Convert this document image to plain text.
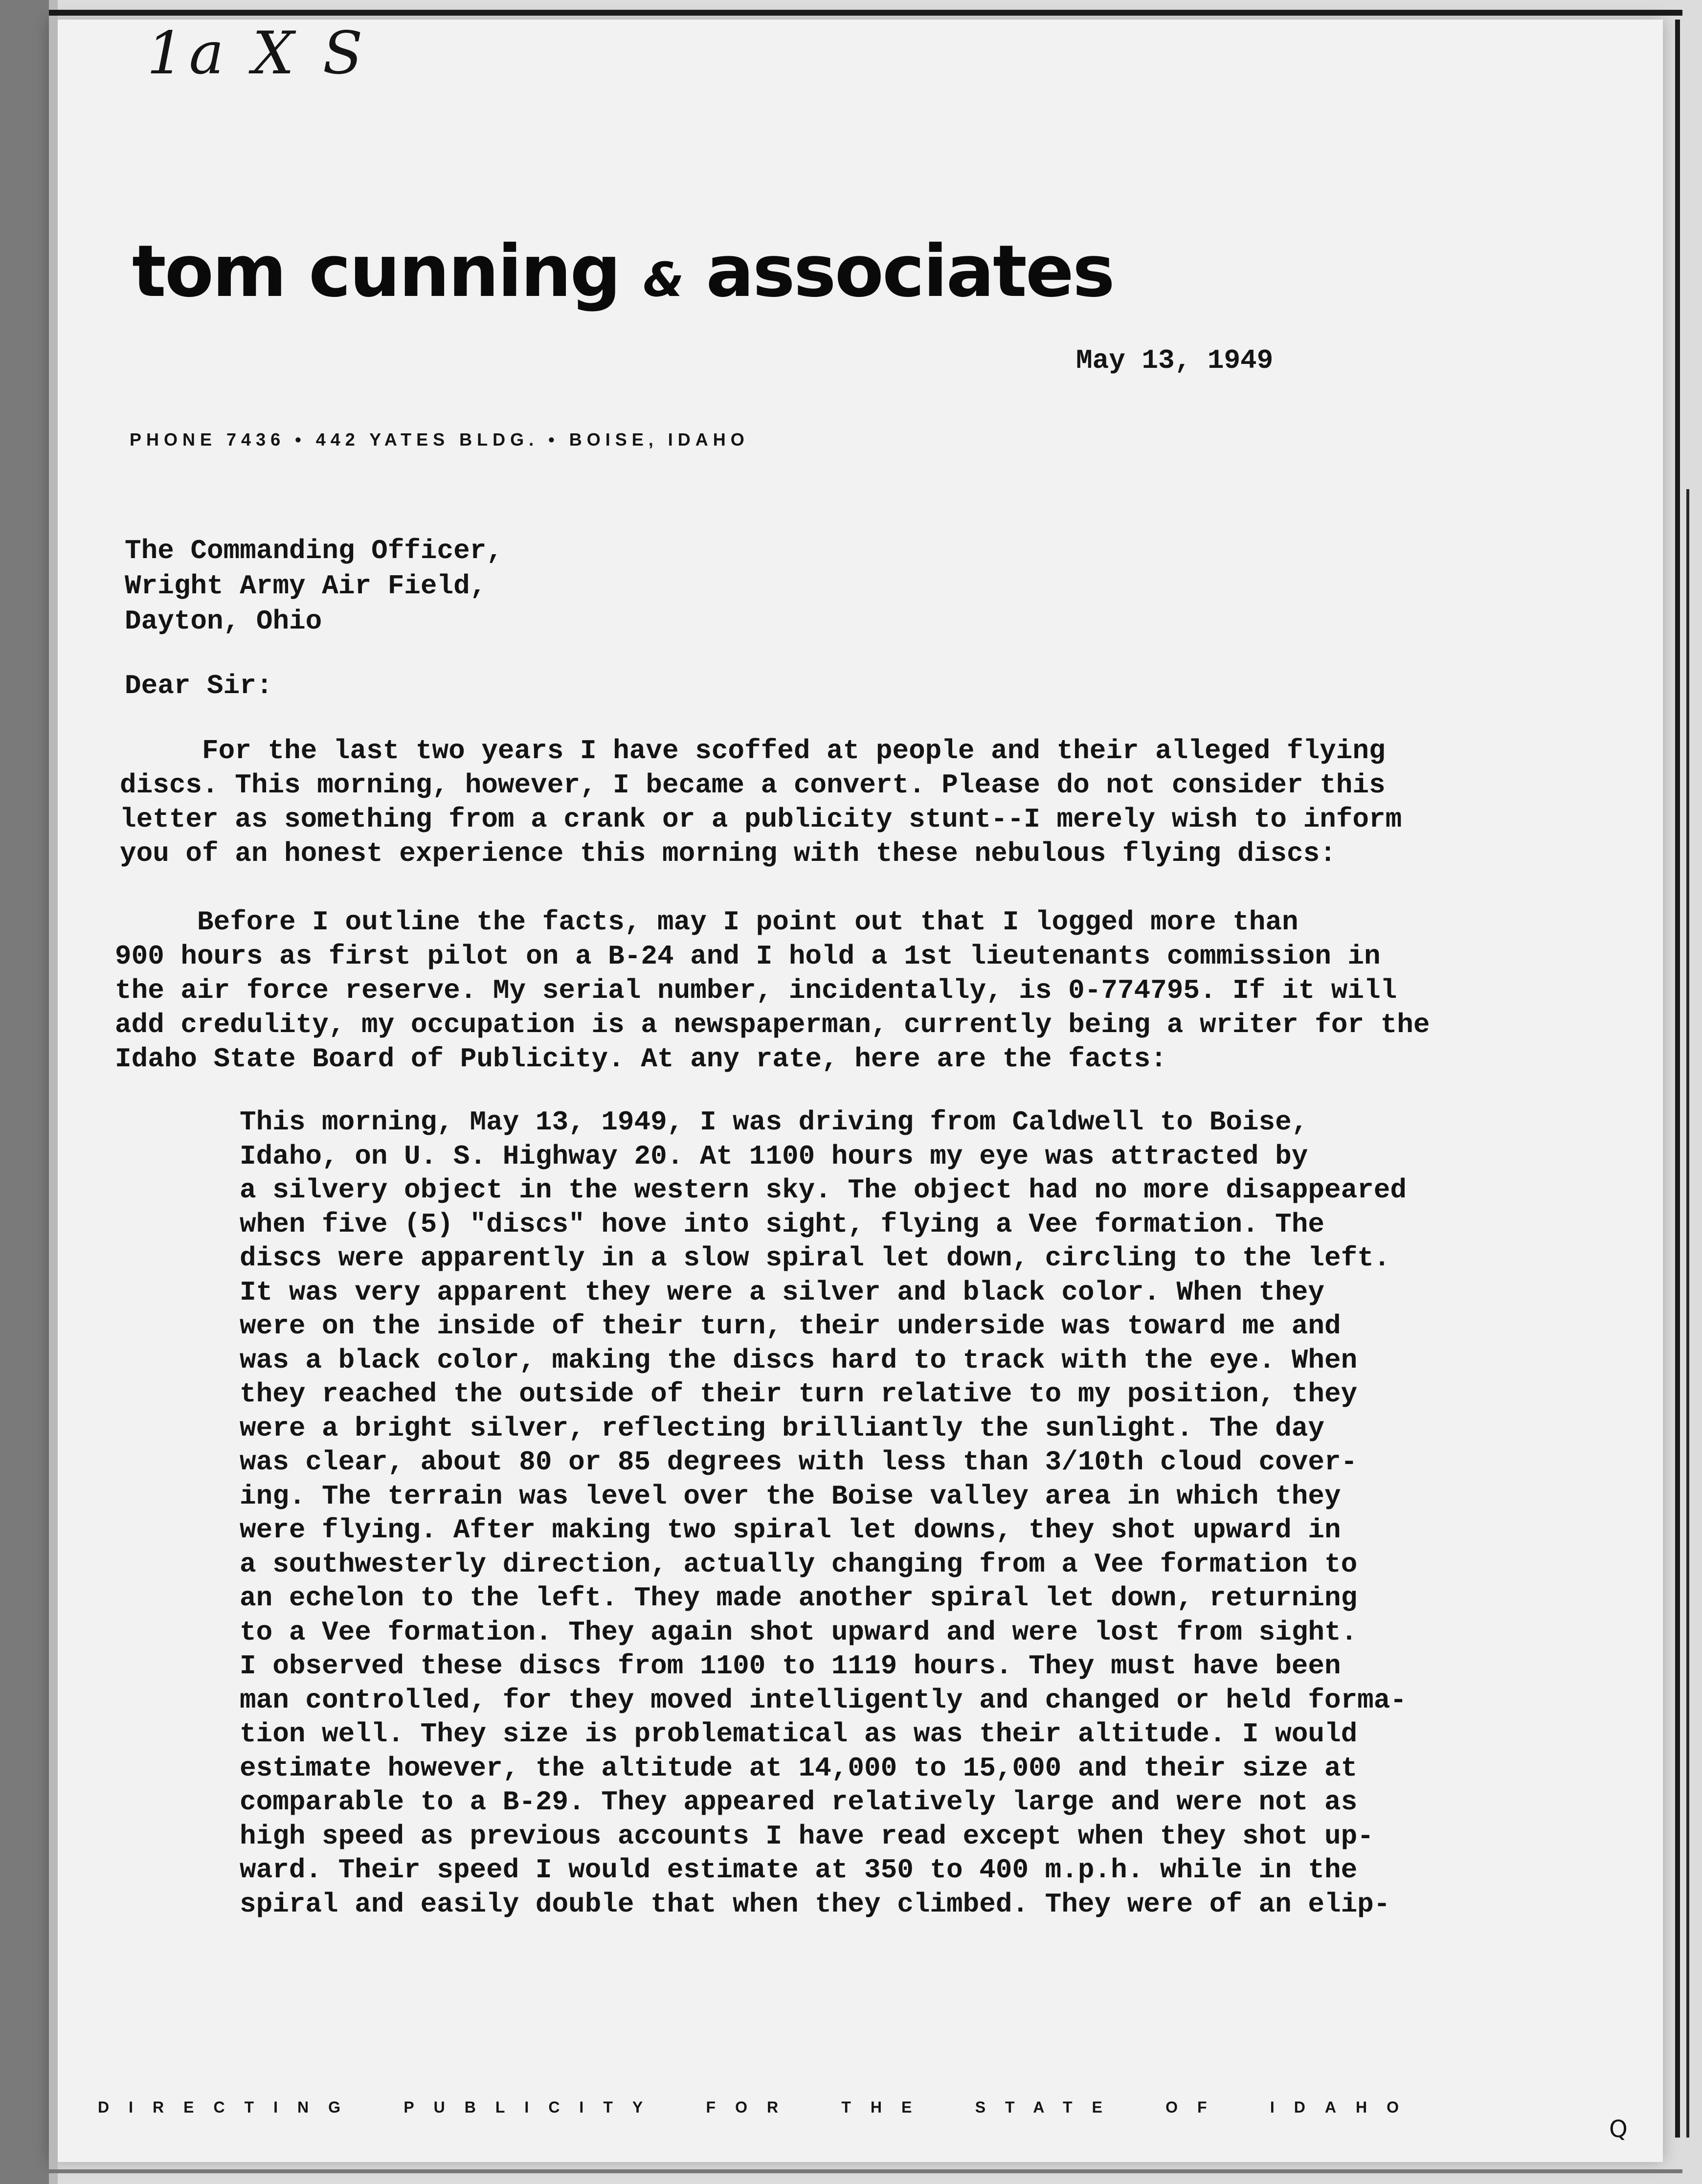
1a X S
tom cunning & associates
May 13, 1949
PHONE 7436 • 442 YATES BLDG. • BOISE, IDAHO
The Commanding Officer,
Wright Army Air Field,
Dayton, Ohio
Dear Sir:
For the last two years I have scoffed at people and their alleged flying
discs. This morning, however, I became a convert. Please do not consider this
letter as something from a crank or a publicity stunt--I merely wish to inform
you of an honest experience this morning with these nebulous flying discs:
Before I outline the facts, may I point out that I logged more than
900 hours as first pilot on a B-24 and I hold a 1st lieutenants commission in
the air force reserve. My serial number, incidentally, is 0-774795. If it will
add credulity, my occupation is a newspaperman, currently being a writer for the
Idaho State Board of Publicity. At any rate, here are the facts:
This morning, May 13, 1949, I was driving from Caldwell to Boise,
Idaho, on U. S. Highway 20. At 1100 hours my eye was attracted by
a silvery object in the western sky. The object had no more disappeared
when five (5) "discs" hove into sight, flying a Vee formation. The
discs were apparently in a slow spiral let down, circling to the left.
It was very apparent they were a silver and black color. When they
were on the inside of their turn, their underside was toward me and
was a black color, making the discs hard to track with the eye. When
they reached the outside of their turn relative to my position, they
were a bright silver, reflecting brilliantly the sunlight. The day
was clear, about 80 or 85 degrees with less than 3/10th cloud cover-
ing. The terrain was level over the Boise valley area in which they
were flying. After making two spiral let downs, they shot upward in
a southwesterly direction, actually changing from a Vee formation to
an echelon to the left. They made another spiral let down, returning
to a Vee formation. They again shot upward and were lost from sight.
I observed these discs from 1100 to 1119 hours. They must have been
man controlled, for they moved intelligently and changed or held forma-
tion well. They size is problematical as was their altitude. I would
estimate however, the altitude at 14,000 to 15,000 and their size at
comparable to a B-29. They appeared relatively large and were not as
high speed as previous accounts I have read except when they shot up-
ward. Their speed I would estimate at 350 to 400 m.p.h. while in the
spiral and easily double that when they climbed. They were of an elip-
DIRECTING	PUBLICITY	FOR	THE	STATE	OF	IDAHO
Q
